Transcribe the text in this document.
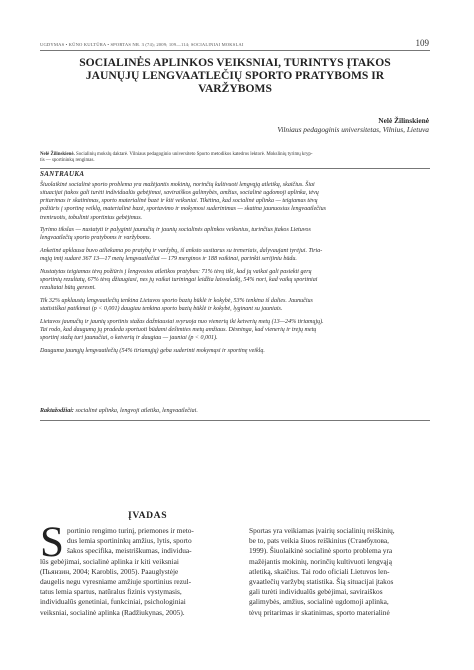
UGDYMAS • KŪNO KULTŪRA • SPORTAS NR. 3 (74); 2009; 109—114; SOCIALINIAI MOKSLAI	109
SOCIALINĖS APLINKOS VEIKSNIAI, TURINTYS ĮTAKOS
JAUNŲJŲ LENGVAATLEČIŲ SPORTO PRATYBOMS IR
VARŽYBOMS
Nelė Žilinskienė
Vilniaus pedagoginis universitetas, Vilnius, Lietuva
Nelė Žilinskienė. Socialinių mokslų daktarė. Vilniaus pedagoginio universiteto Sporto metodikos katedros lektorė. Mokslinių tyrimų kryp-
tis — sportininkų rengimas.
SANTRAUKA
Šiuolaikinė socialinė sporto problema yra mažėjantis mokinių, norinčių kultivuoti lengvąją atletiką, skaičius. Šiai
situacijai įtakos gali turėti individualūs gebėjimai, saviraiškos galimybės, amžius, socialinė ugdomoji aplinka, tėvų
pritarimas ir skatinimas, sporto materialinė bazė ir kiti veiksniai. Tikėtina, kad socialinė aplinka — teigiamas tėvų
požiūris į sportinę veiklą, materialinė bazė, sportavimo ir mokymosi suderinimas — skatina jaunuosius lengvaatlečius
treniruotis, tobulinti sportinius gebėjimus.
Tyrimo tikslas — nustatyti ir palyginti jaunučių ir jaunių socialinės aplinkos veiksnius, turinčius įtakos Lietuvos
lengvaatlečių sporto pratyboms ir varžyboms.
Anketinė apklausa buvo atliekama po pratybų ir varžybų, iš anksto susitarus su treneriais, dalyvaujant tyrėjui. Tiria-
mąją imtį sudarė 367 13—17 metų lengvaatlečiai — 179 merginos ir 188 vaikinai, parinkti serijiniu būdu.
Nustatytas teigiamas tėvų požiūris į lengvosios atletikos pratybas: 71% tėvų tiki, kad jų vaikai gali pasiekti gerų
sportinių rezultatų, 67% tėvų džiaugiasi, nes jų vaikai turiningai leidžia laisvalaikį, 54% nori, kad vaikų sportiniai
rezultatai būtų geresni.
Tik 32% apklaustų lengvaatlečių tenkina Lietuvos sporto bazių būklė ir kokybė, 53% tenkina iš dalies. Jaunučius
statistiškai patikimai (p < 0,001) daugiau tenkina sporto bazių būklė ir kokybė, lyginant su jauniais.
Lietuvos jaunučių ir jaunių sportinis stažas dažniausiai svyruoja nuo vienerių iki ketverių metų (13—24% tiriamųjų).
Tai rodo, kad daugumą jų pradeda sportuoti būdami dešimties metų amžiaus. Dėsninga, kad vienerių ir trejų metų
sportinį stažą turi jaunučiai, o ketverių ir daugiau — jauniai (p < 0,001).
Dauguma jaunųjų lengvaatlečių (54% tiriamųjų) geba suderinti mokymąsi ir sportinę veiklą.
Raktažodžiai: socialinė aplinka, lengvoji atletika, lengvaatlečiai.
ĮVADAS
S portinio rengimo turinį, priemones ir meto-
dus lemia sportininkų amžius, lytis, sporto
šakos specifika, meistriškumas, individua-
lūs gebėjimai, socialinė aplinka ir kiti veiksniai
(Пьянзин, 2004; Karoblis, 2005). Paauglystėje
daugelis negu vyresniame amžiuje sportinius rezul-
tatus lemia spartus, natūralus fizinis vystymasis,
individualūs genetiniai, funkciniai, psichologiniai
veiksniai, socialinė aplinka (Radžiukynas, 2005).
Sportas yra veikiamas įvairių socialinių reiškinių,
be to, pats veikia šiuos reiškinius (Стамбулова,
1999). Šiuolaikinė socialinė sporto problema yra
mažėjantis mokinių, norinčių kultivuoti lengvąją
atletiką, skaičius. Tai rodo oficiali Lietuvos len-
gvaatlečių varžybų statistika. Šią situacijai įtakos
gali turėti individualūs gebėjimai, saviraiškos
galimybės, amžius, socialinė ugdomoji aplinka,
tėvų pritarimas ir skatinimas, sporto materialinė
